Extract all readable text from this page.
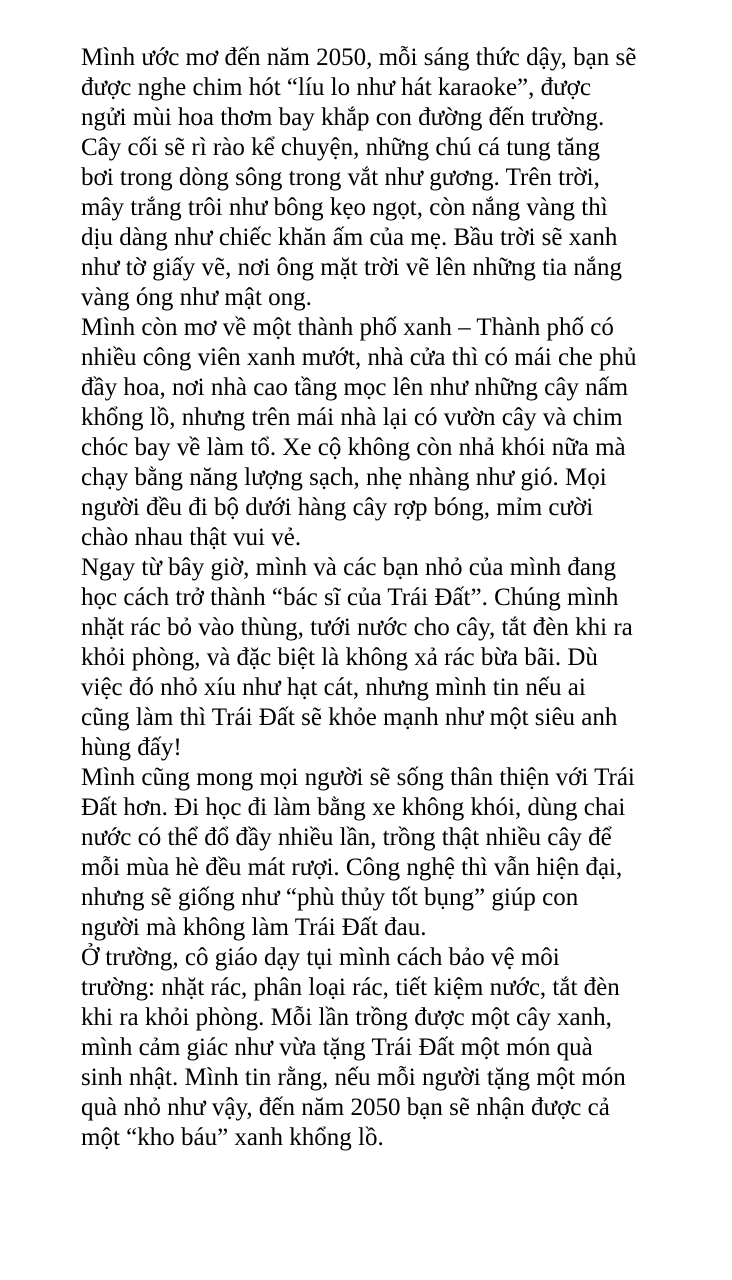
Mình ước mơ đến năm 2050, mỗi sáng thức dậy, bạn sẽ
được nghe chim hót “líu lo như hát karaoke”, được
ngửi mùi hoa thơm bay khắp con đường đến trường.
Cây cối sẽ rì rào kể chuyện, những chú cá tung tăng
bơi trong dòng sông trong vắt như gương. Trên trời,
mây trắng trôi như bông kẹo ngọt, còn nắng vàng thì
dịu dàng như chiếc khăn ấm của mẹ. Bầu trời sẽ xanh
như tờ giấy vẽ, nơi ông mặt trời vẽ lên những tia nắng
vàng óng như mật ong.
Mình còn mơ về một thành phố xanh – Thành phố có
nhiều công viên xanh mướt, nhà cửa thì có mái che phủ
đầy hoa, nơi nhà cao tầng mọc lên như những cây nấm
khổng lồ, nhưng trên mái nhà lại có vườn cây và chim
chóc bay về làm tổ. Xe cộ không còn nhả khói nữa mà
chạy bằng năng lượng sạch, nhẹ nhàng như gió. Mọi
người đều đi bộ dưới hàng cây rợp bóng, mỉm cười
chào nhau thật vui vẻ.
Ngay từ bây giờ, mình và các bạn nhỏ của mình đang
học cách trở thành “bác sĩ của Trái Đất”. Chúng mình
nhặt rác bỏ vào thùng, tưới nước cho cây, tắt đèn khi ra
khỏi phòng, và đặc biệt là không xả rác bừa bãi. Dù
việc đó nhỏ xíu như hạt cát, nhưng mình tin nếu ai
cũng làm thì Trái Đất sẽ khỏe mạnh như một siêu anh
hùng đấy!
Mình cũng mong mọi người sẽ sống thân thiện với Trái
Đất hơn. Đi học đi làm bằng xe không khói, dùng chai
nước có thể đổ đầy nhiều lần, trồng thật nhiều cây để
mỗi mùa hè đều mát rượi. Công nghệ thì vẫn hiện đại,
nhưng sẽ giống như “phù thủy tốt bụng” giúp con
người mà không làm Trái Đất đau.
Ở trường, cô giáo dạy tụi mình cách bảo vệ môi
trường: nhặt rác, phân loại rác, tiết kiệm nước, tắt đèn
khi ra khỏi phòng. Mỗi lần trồng được một cây xanh,
mình cảm giác như vừa tặng Trái Đất một món quà
sinh nhật. Mình tin rằng, nếu mỗi người tặng một món
quà nhỏ như vậy, đến năm 2050 bạn sẽ nhận được cả
một “kho báu” xanh khổng lồ.
